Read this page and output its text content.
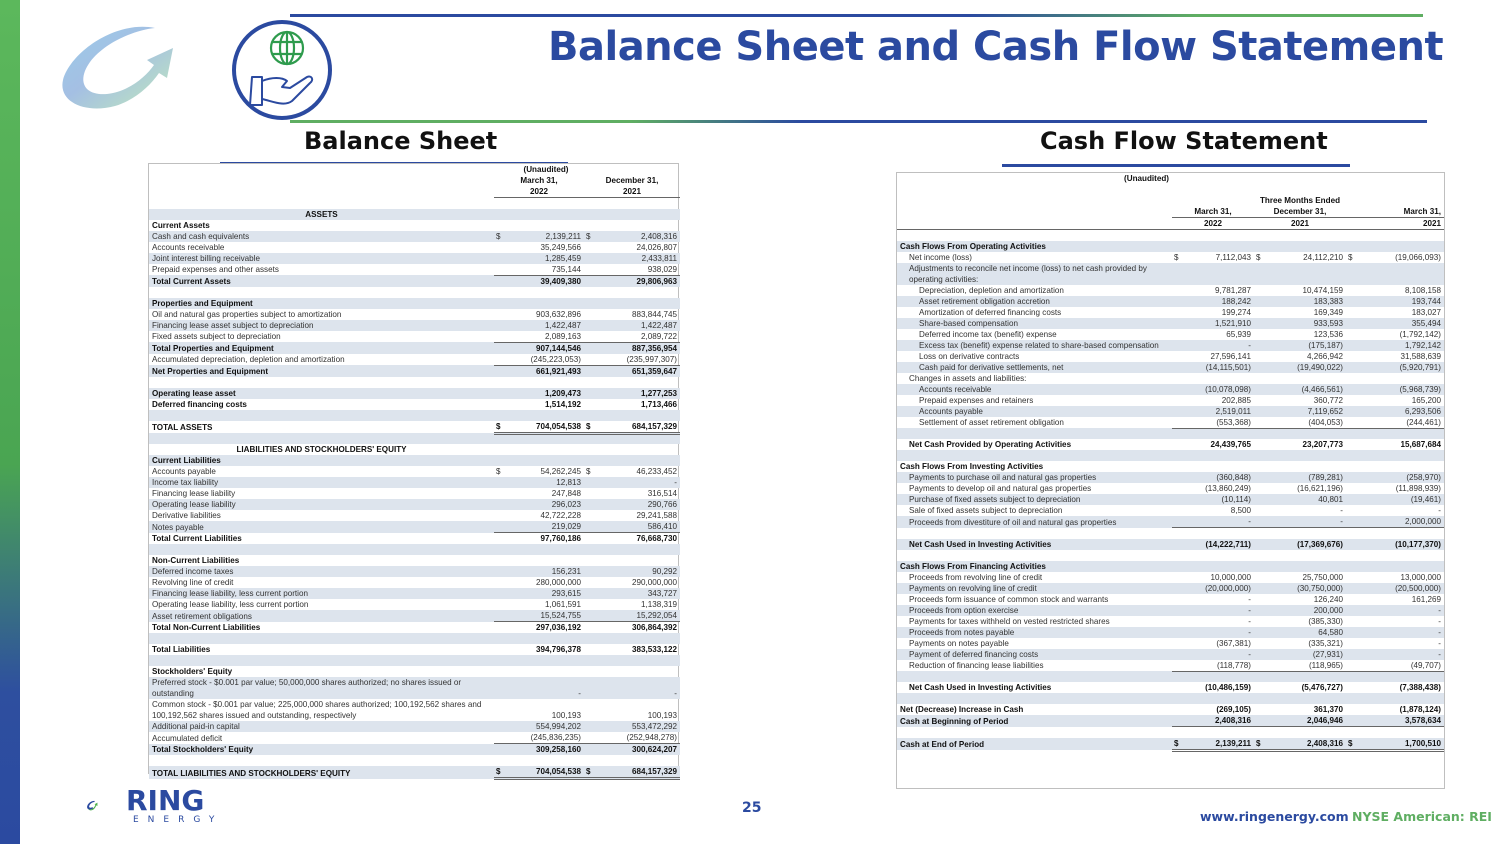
Balance Sheet and Cash Flow Statement
Balance Sheet	Cash Flow Statement
		(Unaudited)		
	March 31,		December 31,	
	2022		2021	

ASSETS				
Current Assets				
Cash and cash equivalents	$	2,139,211	$	2,408,316
Accounts receivable		35,249,566		24,026,807
Joint interest billing receivable		1,285,459		2,433,811
Prepaid expenses and other assets		735,144		938,029
Total Current Assets		39,409,380		29,806,963

Properties and Equipment				
Oil and natural gas properties subject to amortization		903,632,896		883,844,745
Financing lease asset subject to depreciation		1,422,487		1,422,487
Fixed assets subject to depreciation		2,089,163		2,089,722
Total Properties and Equipment		907,144,546		887,356,954
Accumulated depreciation, depletion and amortization		(245,223,053)		(235,997,307)
Net Properties and Equipment		661,921,493		651,359,647

Operating lease asset		1,209,473		1,277,253
Deferred financing costs		1,514,192		1,713,466

TOTAL ASSETS	$	704,054,538	$	684,157,329

LIABILITIES AND STOCKHOLDERS' EQUITY				
Current Liabilities				
Accounts payable	$	54,262,245	$	46,233,452
Income tax liability		12,813		-
Financing lease liability		247,848		316,514
Operating lease liability		296,023		290,766
Derivative liabilities		42,722,228		29,241,588
Notes payable		219,029		586,410
Total Current Liabilities		97,760,186		76,668,730

Non-Current Liabilities				
Deferred income taxes		156,231		90,292
Revolving line of credit		280,000,000		290,000,000
Financing lease liability, less current portion		293,615		343,727
Operating lease liability, less current portion		1,061,591		1,138,319
Asset retirement obligations		15,524,755		15,292,054
Total Non-Current Liabilities		297,036,192		306,864,392

Total Liabilities		394,796,378		383,533,122

Stockholders' Equity				
Preferred stock - $0.001 par value; 50,000,000 shares authorized; no shares issued or outstanding		-		-
Common stock - $0.001 par value; 225,000,000 shares authorized; 100,192,562 shares and 100,192,562 shares issued and outstanding, respectively		100,193		100,193
Additional paid-in capital		554,994,202		553,472,292
Accumulated deficit		(245,836,235)		(252,948,278)
Total Stockholders' Equity		309,258,160		300,624,207

TOTAL LIABILITIES AND STOCKHOLDERS' EQUITY	$	704,054,538	$	684,157,329
(Unaudited)						

			Three Months Ended			
	March 31,		December 31,		March 31,	
	2022		2021		2021	

Cash Flows From Operating Activities						
Net income (loss)	$	7,112,043	$	24,112,210	$	(19,066,093)
Adjustments to reconcile net income (loss) to net cash provided by operating activities:						
Depreciation, depletion and amortization		9,781,287		10,474,159		8,108,158
Asset retirement obligation accretion		188,242		183,383		193,744
Amortization of deferred financing costs		199,274		169,349		183,027
Share-based compensation		1,521,910		933,593		355,494
Deferred income tax (benefit) expense		65,939		123,536		(1,792,142)
Excess tax (benefit) expense related to share-based compensation		-		(175,187)		1,792,142
Loss on derivative contracts		27,596,141		4,266,942		31,588,639
Cash paid for derivative settlements, net		(14,115,501)		(19,490,022)		(5,920,791)
Changes in assets and liabilities:						
Accounts receivable		(10,078,098)		(4,466,561)		(5,968,739)
Prepaid expenses and retainers		202,885		360,772		165,200
Accounts payable		2,519,011		7,119,652		6,293,506
Settlement of asset retirement obligation		(553,368)		(404,053)		(244,461)

Net Cash Provided by Operating Activities		24,439,765		23,207,773		15,687,684

Cash Flows From Investing Activities						
Payments to purchase oil and natural gas properties		(360,848)		(789,281)		(258,970)
Payments to develop oil and natural gas properties		(13,860,249)		(16,621,196)		(11,898,939)
Purchase of fixed assets subject to depreciation		(10,114)		40,801		(19,461)
Sale of fixed assets subject to depreciation		8,500		-		-
Proceeds from divestiture of oil and natural gas properties		-		-		2,000,000

Net Cash Used in Investing Activities		(14,222,711)		(17,369,676)		(10,177,370)

Cash Flows From Financing Activities						
Proceeds from revolving line of credit		10,000,000		25,750,000		13,000,000
Payments on revolving line of credit		(20,000,000)		(30,750,000)		(20,500,000)
Proceeds form issuance of common stock and warrants		-		126,240		161,269
Proceeds from option exercise		-		200,000		-
Payments for taxes withheld on vested restricted shares		-		(385,330)		-
Proceeds from notes payable		-		64,580		-
Payments on notes payable		(367,381)		(335,321)		-
Payment of deferred financing costs		-		(27,931)		-
Reduction of financing lease liabilities		(118,778)		(118,965)		(49,707)

Net Cash Used in Investing Activities		(10,486,159)		(5,476,727)		(7,388,438)

Net (Decrease) Increase in Cash		(269,105)		361,370		(1,878,124)
Cash at Beginning of Period		2,408,316		2,046,946		3,578,634

Cash at End of Period	$	2,139,211	$	2,408,316	$	1,700,510
25
RING
ENERGY	www.ringenergy.com NYSE American: REI
